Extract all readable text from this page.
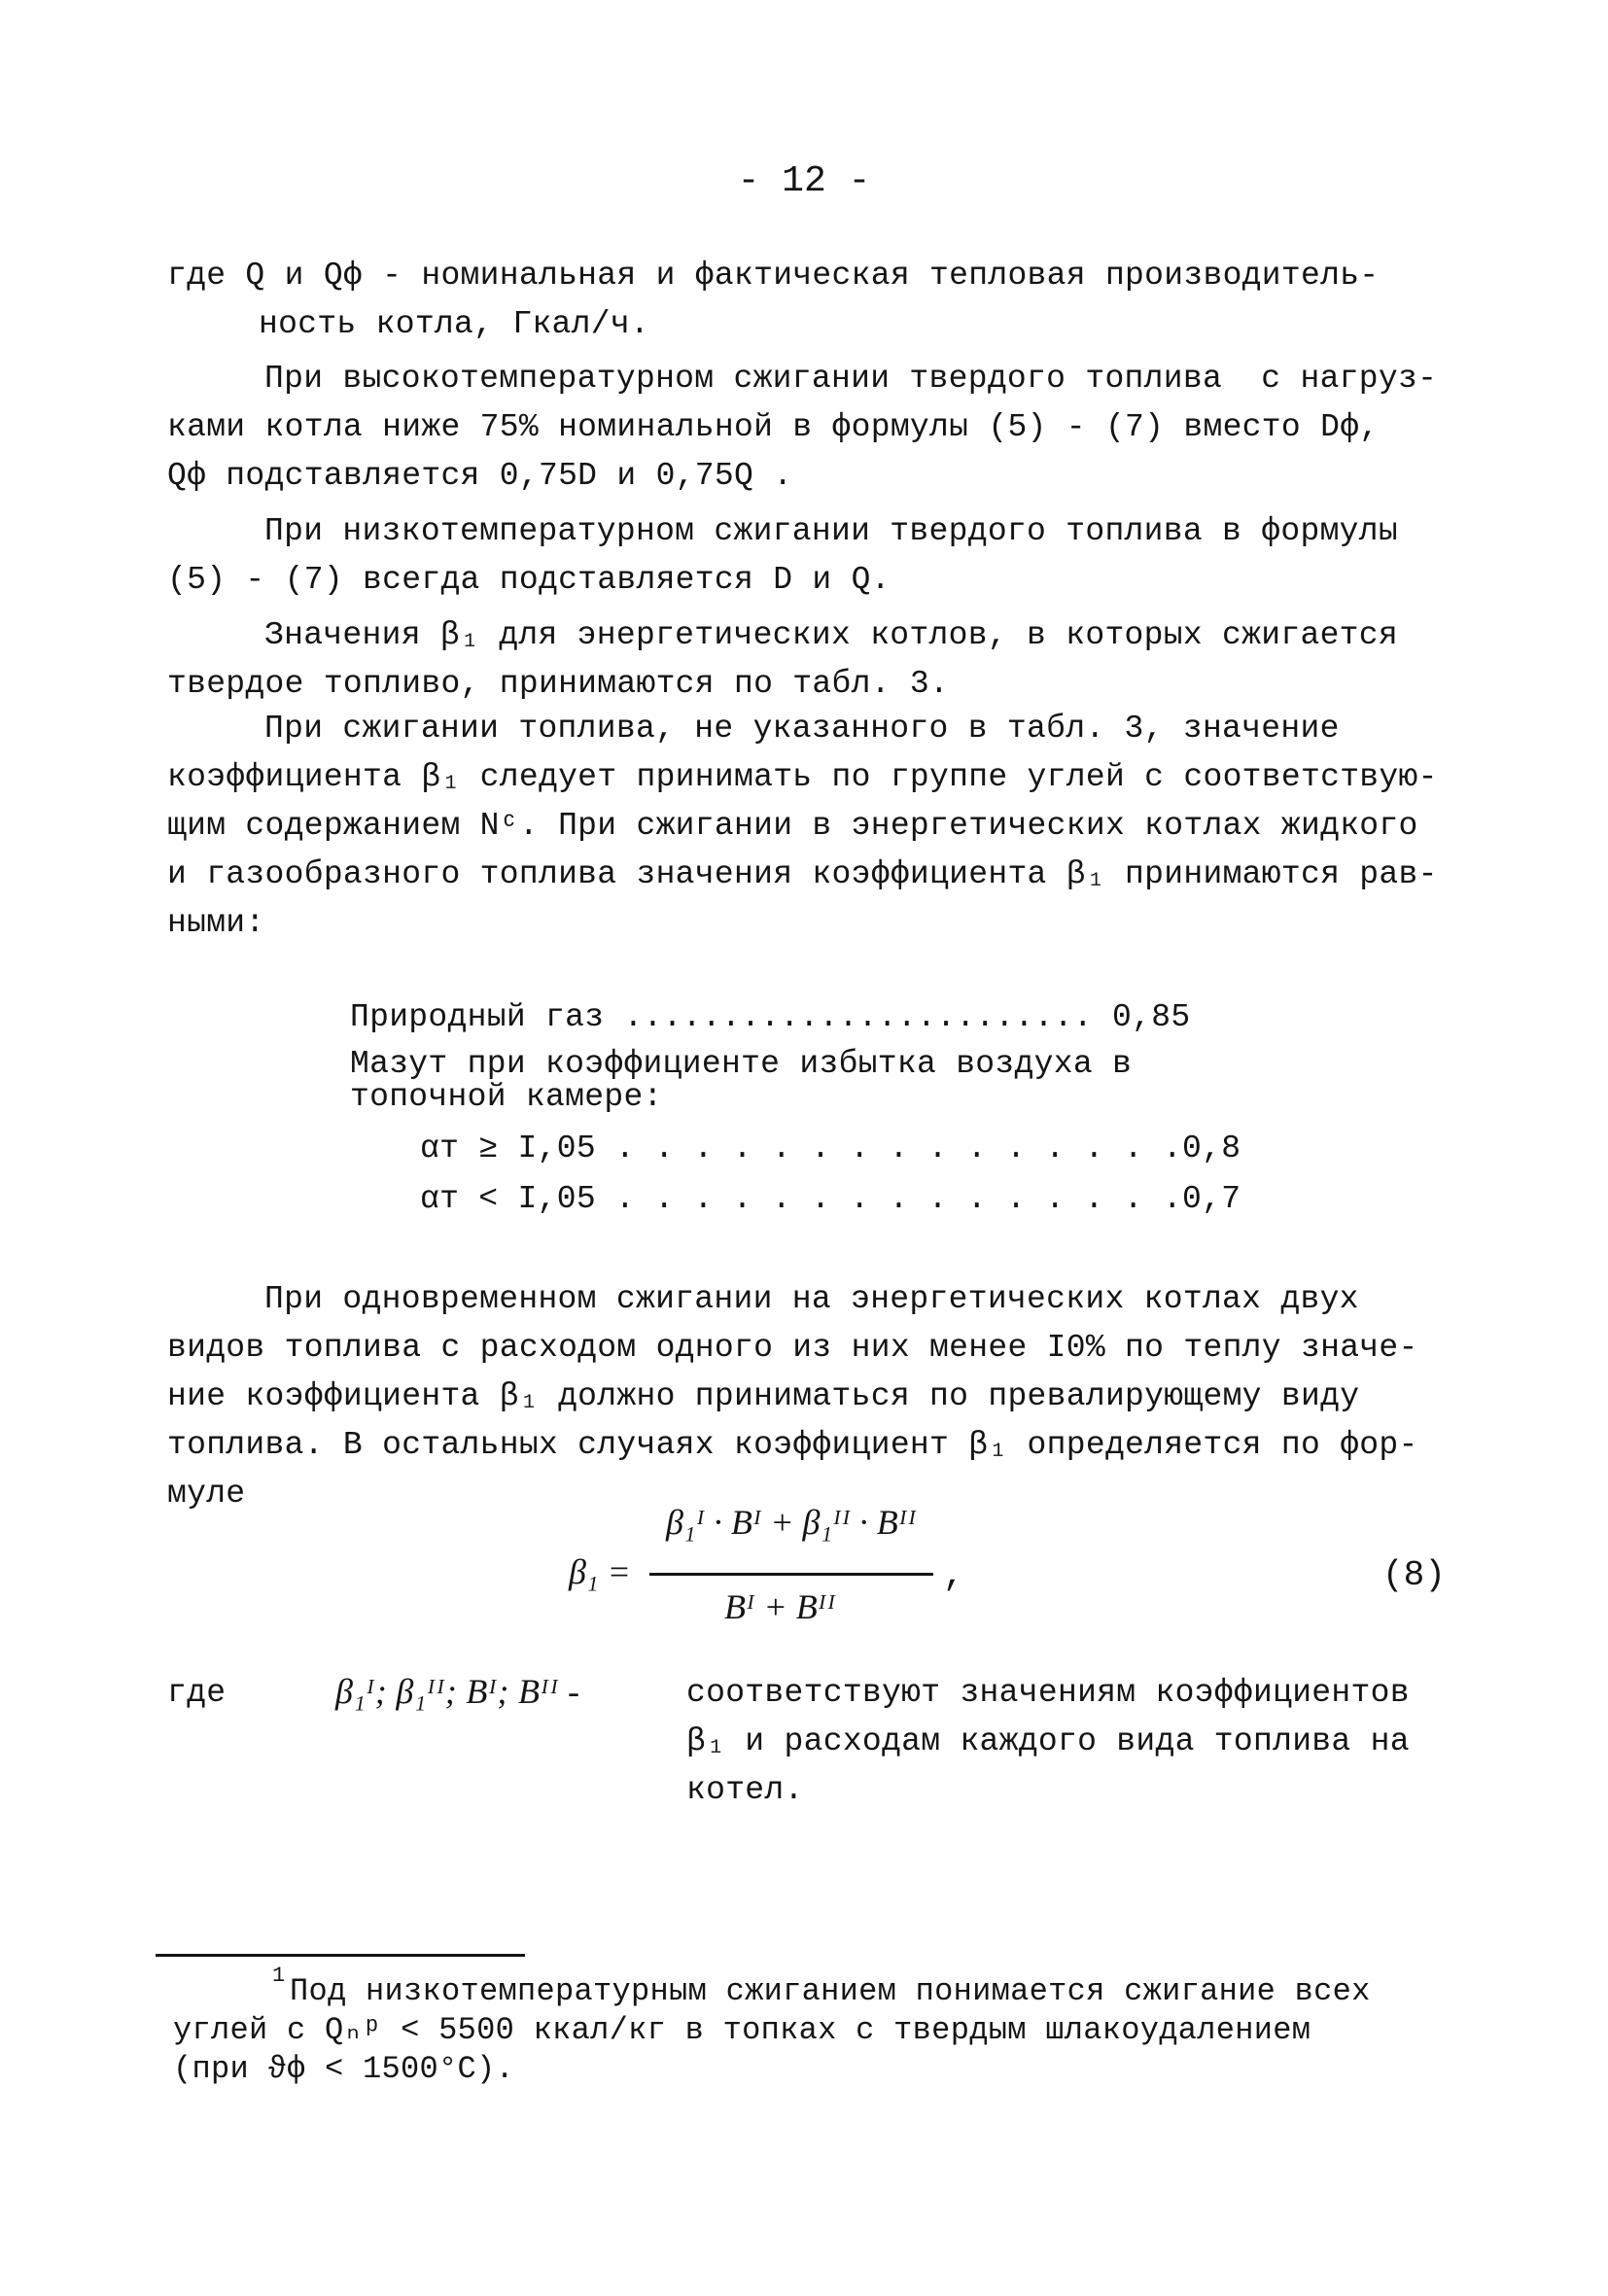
- 12 -
где Q и Qф - номинальная и фактическая тепловая производитель-
ность котла, Гкал/ч.
При высокотемпературном сжигании твердого топлива  с нагруз-
ками котла ниже 75% номинальной в формулы (5) - (7) вместо Dф,
Qф подставляется 0,75D и 0,75Q .
При низкотемпературном сжигании твердого топлива в формулы
(5) - (7) всегда подставляется D и Q.
Значения β₁ для энергетических котлов, в которых сжигается
твердое топливо, принимаются по табл. 3.
При сжигании топлива, не указанного в табл. 3, значение
коэффициента β₁ следует принимать по группе углей с соответствую-
щим содержанием Nᶜ. При сжигании в энергетических котлах жидкого
и газообразного топлива значения коэффициента β₁ принимаются рав-
ными:
Природный газ ........................ 0,85
Мазут при коэффициенте избытка воздуха в
топочной камере:
αт ≥ I,05 . . . . . . . . . . . . . . .0,8
αт < I,05 . . . . . . . . . . . . . . .0,7
При одновременном сжигании на энергетических котлах двух
видов топлива с расходом одного из них менее I0% по теплу значе-
ние коэффициента β₁ должно приниматься по превалирующему виду
топлива. В остальных случаях коэффициент β₁ определяется по фор-
муле
β₁ᴵ · Bᴵ + β₁ᴵᴵ · Bᴵᴵ
Bᴵ + Bᴵᴵ
β₁ =	,	(8)
где	β₁ᴵ; β₁ᴵᴵ; Bᴵ; Bᴵᴵ -	соответствуют значениям коэффициентов
β₁ и расходам каждого вида топлива на
котел.
1 Под низкотемпературным сжиганием понимается сжигание всех
углей с Qₙᵖ < 5500 ккал/кг в топках с твердым шлакоудалением
(при ϑф < 1500°С).
